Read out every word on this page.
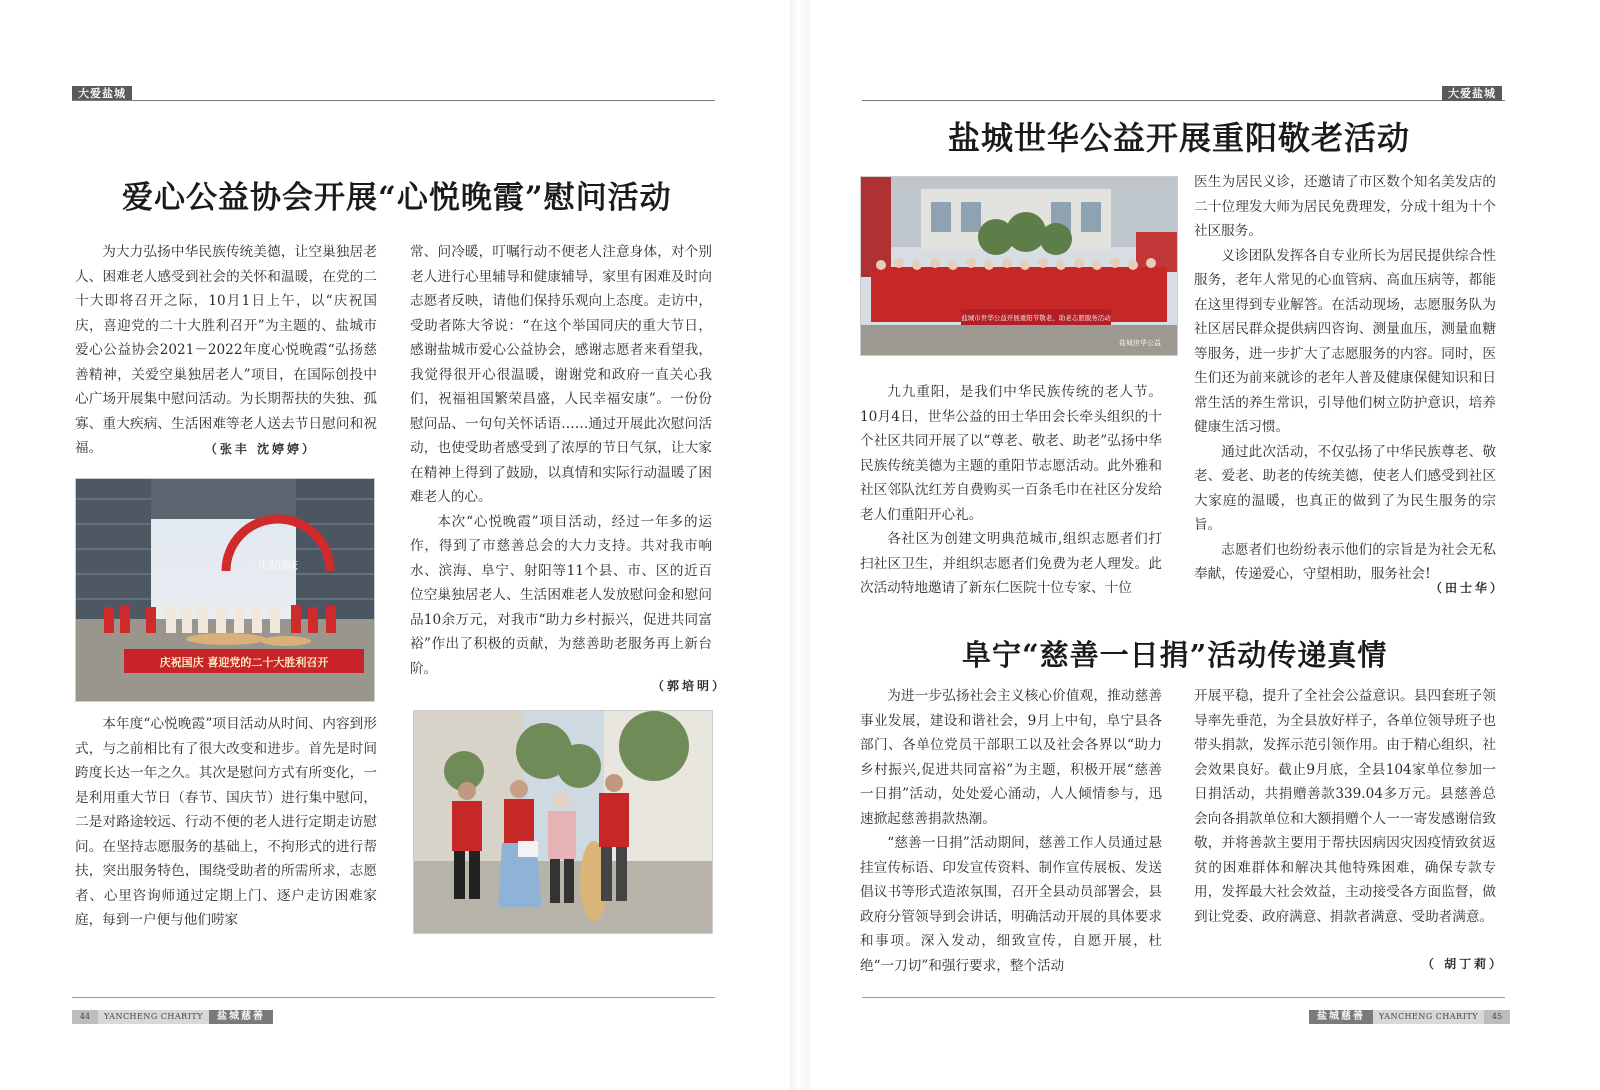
大爱盐城
爱心公益协会开展“心悦晚霞”慰问活动

为大力弘扬中华民族传统美德，让空巢独居老人、困难老人感受到社会的关怀和温暖，在党的二十大即将召开之际，10月1日上午，以“庆祝国庆，喜迎党的二十大胜利召开”为主题的、盐城市爱心公益协会2021－2022年度心悦晚霞“弘扬慈善精神，关爱空巢独居老人”项目，在国际创投中心广场开展集中慰问活动。为长期帮扶的失独、孤寡、重大疾病、生活困难等老人送去节日慰问和祝福。	（张丰 沈婷婷）
庆祝国庆
庆祝国庆 喜迎党的二十大胜利召开

本年度“心悦晚霞”项目活动从时间、内容到形式，与之前相比有了很大改变和进步。首先是时间跨度长达一年之久。其次是慰问方式有所变化，一是利用重大节日（春节、国庆节）进行集中慰问，二是对路途较远、行动不便的老人进行定期走访慰问。在坚持志愿服务的基础上，不拘形式的进行帮扶，突出服务特色，围绕受助者的所需所求，志愿者、心里咨询师通过定期上门、逐户走访困难家庭，每到一户便与他们唠家

常、问冷暖，叮嘱行动不便老人注意身体，对个别老人进行心里辅导和健康辅导，家里有困难及时向志愿者反映，请他们保持乐观向上态度。走访中，受助者陈大爷说：“在这个举国同庆的重大节日，感谢盐城市爱心公益协会，感谢志愿者来看望我，我觉得很开心很温暖，谢谢党和政府一直关心我们，祝福祖国繁荣昌盛，人民幸福安康”。一份份慰问品、一句句关怀话语……通过开展此次慰问活动，也使受助者感受到了浓厚的节日气氛，让大家在精神上得到了鼓励，以真情和实际行动温暖了困难老人的心。

本次“心悦晚霞”项目活动，经过一年多的运作，得到了市慈善总会的大力支持。共对我市响水、滨海、阜宁、射阳等11个县、市、区的近百位空巢独居老人、生活困难老人发放慰问金和慰问品10余万元，对我市“助力乡村振兴，促进共同富裕”作出了积极的贡献，为慈善助老服务再上新台阶。

（郭培明）
44 YANCHENG CHARITY 盐城慈善
大爱盐城
盐城世华公益开展重阳敬老活动
盐城市世华公益开展重阳节敬老、助老志愿服务活动
盐城世华公益

九九重阳，是我们中华民族传统的老人节。10月4日，世华公益的田士华田会长牵头组织的十个社区共同开展了以“尊老、敬老、助老”弘扬中华民族传统美德为主题的重阳节志愿活动。此外雅和社区邻队沈红芳自费购买一百条毛巾在社区分发给老人们重阳开心礼。

各社区为创建文明典范城市,组织志愿者们打扫社区卫生，并组织志愿者们免费为老人理发。此次活动特地邀请了新东仁医院十位专家、十位

医生为居民义诊，还邀请了市区数个知名美发店的二十位理发大师为居民免费理发，分成十组为十个社区服务。

义诊团队发挥各自专业所长为居民提供综合性服务，老年人常见的心血管病、高血压病等，都能在这里得到专业解答。在活动现场，志愿服务队为社区居民群众提供病四咨询、测量血压，测量血糖等服务，进一步扩大了志愿服务的内容。同时，医生们还为前来就诊的老年人普及健康保健知识和日常生活的养生常识，引导他们树立防护意识，培养健康生活习惯。

通过此次活动，不仅弘扬了中华民族尊老、敬老、爱老、助老的传统美德，使老人们感受到社区大家庭的温暖，也真正的做到了为民生服务的宗旨。

志愿者们也纷纷表示他们的宗旨是为社会无私奉献，传递爱心，守望相助，服务社会!

（田士华）
阜宁“慈善一日捐”活动传递真情

为进一步弘扬社会主义核心价值观，推动慈善事业发展，建设和谐社会，9月上中旬，阜宁县各部门、各单位党员干部职工以及社会各界以“助力乡村振兴,促进共同富裕”为主题，积极开展“慈善一日捐”活动，处处爱心涌动，人人倾情参与，迅速掀起慈善捐款热潮。

“慈善一日捐”活动期间，慈善工作人员通过悬挂宣传标语、印发宣传资料、制作宣传展板、发送倡议书等形式造浓氛围，召开全县动员部署会，县政府分管领导到会讲话，明确活动开展的具体要求和事项。深入发动，细致宣传，自愿开展，杜绝“一刀切”和强行要求，整个活动

开展平稳，提升了全社会公益意识。县四套班子领导率先垂范，为全县放好样子，各单位领导班子也带头捐款，发挥示范引领作用。由于精心组织，社会效果良好。截止9月底，全县104家单位参加一日捐活动，共捐赠善款339.04多万元。县慈善总会向各捐款单位和大额捐赠个人一一寄发感谢信致敬，并将善款主要用于帮扶因病因灾因疫情致贫返贫的困难群体和解决其他特殊困难，确保专款专用，发挥最大社会效益，主动接受各方面监督，做到让党委、政府满意、捐款者满意、受助者满意。

（ 胡丁莉）
盐城慈善 YANCHENG CHARITY 45
